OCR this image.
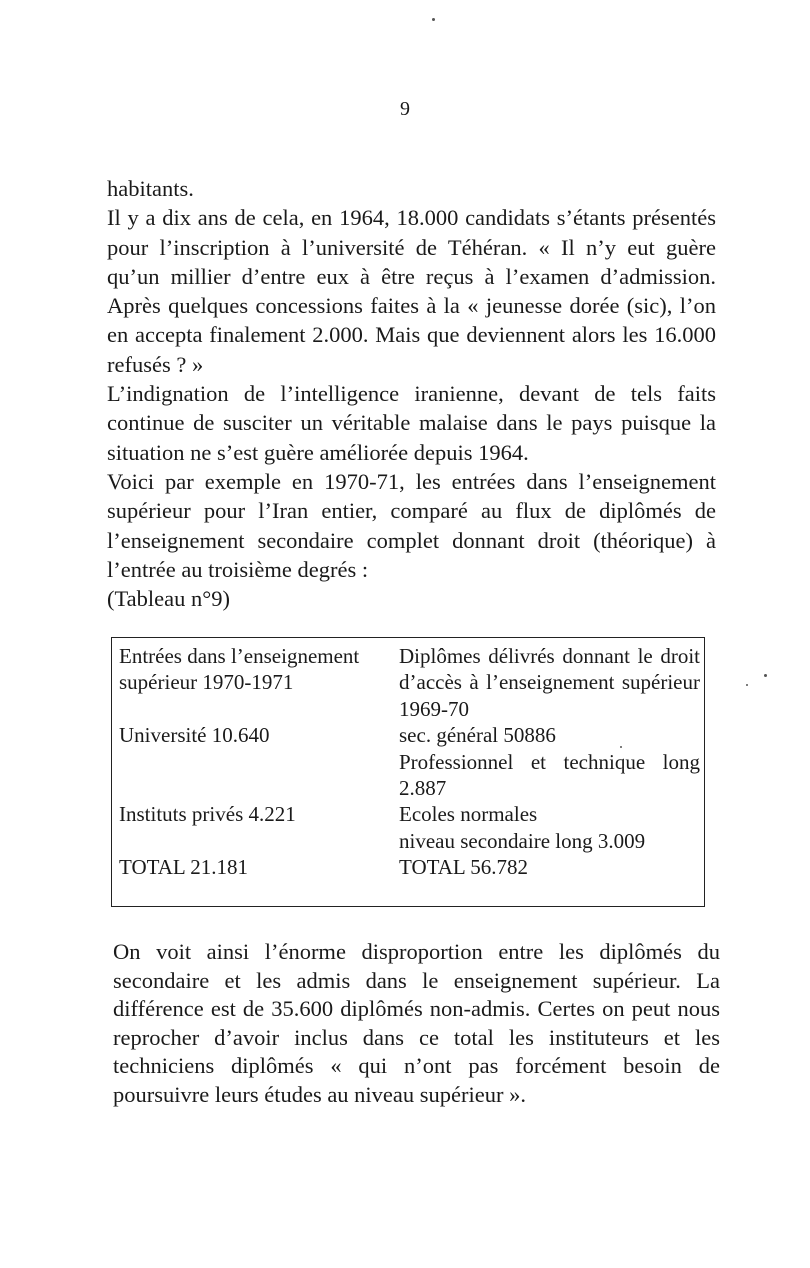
9

habitants.

Il y a dix ans de cela, en 1964, 18.000 candidats s’étants présentés pour l’inscription à l’université de Téhéran. « Il n’y eut guère qu’un millier d’entre eux à être reçus à l’examen d’admission. Après quelques concessions faites à la « jeunesse dorée (sic), l’on en accepta finalement 2.000. Mais que deviennent alors les 16.000 refusés ? »

L’indignation de l’intelligence iranienne, devant de tels faits continue de susciter un véritable malaise dans le pays puisque la situation ne s’est guère améliorée depuis 1964.

Voici par exemple en 1970-71, les entrées dans l’enseignement supérieur pour l’Iran entier, comparé au flux de diplômés de l’enseignement secondaire complet donnant droit (théorique) à l’entrée au troisième degrés :

(Tableau n°9)

Entrées dans l’enseignement supérieur 1970-1971

Université 10.640

Instituts privés 4.221

TOTAL 21.181

Diplômes délivrés donnant le droit d’accès à l’enseignement supérieur 1969-70

sec. général 50886

Professionnel et technique long 2.887

Ecoles normales

niveau secondaire long 3.009

TOTAL 56.782

On voit ainsi l’énorme disproportion entre les diplômés du secondaire et les admis dans le enseignement supérieur. La différence est de 35.600 diplômés non-admis. Certes on peut nous reprocher d’avoir inclus dans ce total les instituteurs et les techniciens diplômés « qui n’ont pas forcément besoin de poursuivre leurs études au niveau supérieur ».
